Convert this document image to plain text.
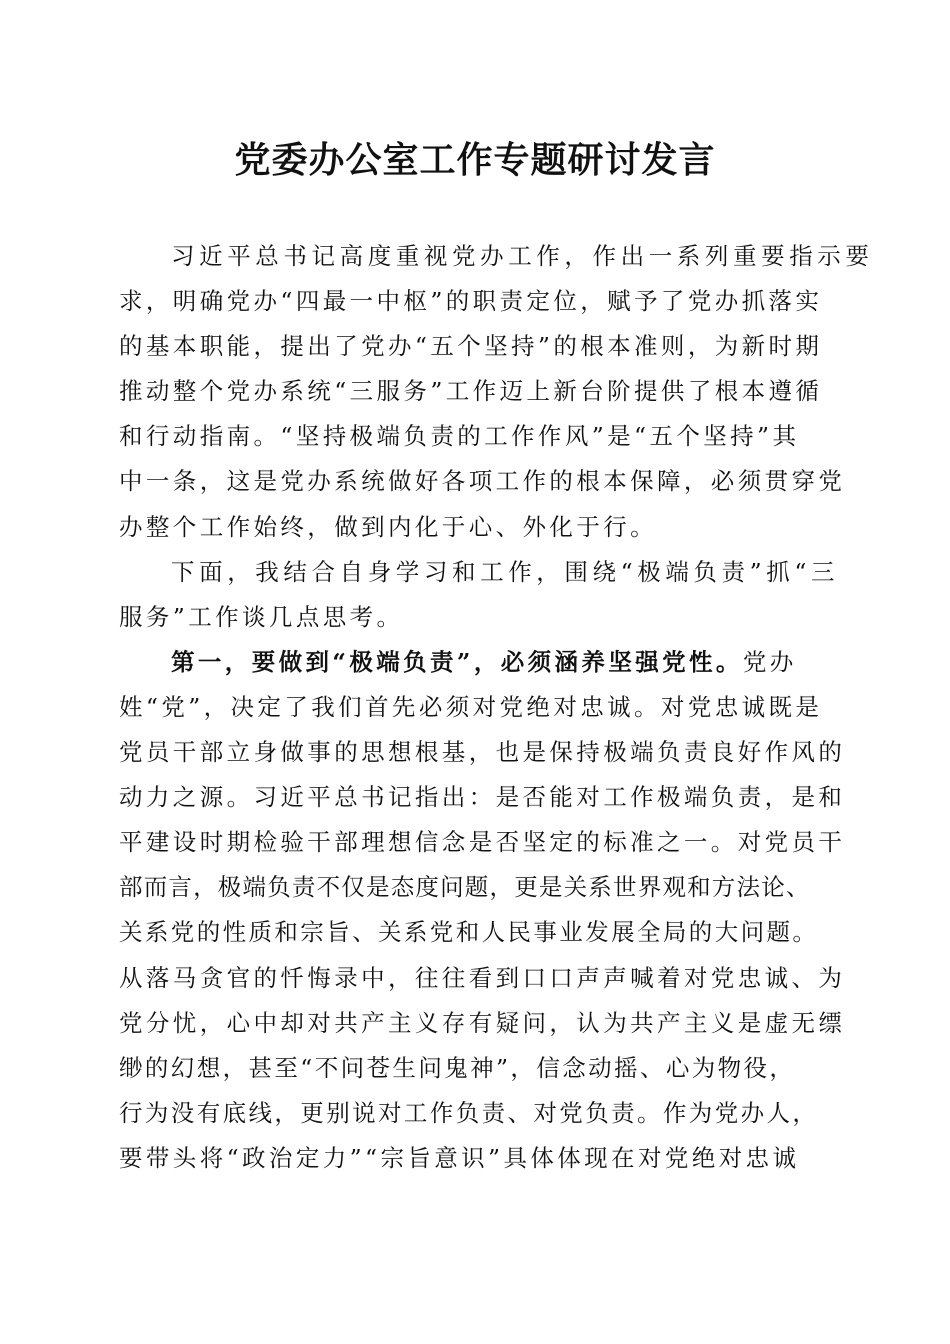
党委办公室工作专题研讨发言
习近平总书记高度重视党办工作，作出一系列重要指示要
求，明确党办“四最一中枢”的职责定位，赋予了党办抓落实
的基本职能，提出了党办“五个坚持”的根本准则，为新时期
推动整个党办系统“三服务”工作迈上新台阶提供了根本遵循
和行动指南。“坚持极端负责的工作作风”是“五个坚持”其
中一条，这是党办系统做好各项工作的根本保障，必须贯穿党
办整个工作始终，做到内化于心、外化于行。
下面，我结合自身学习和工作，围绕“极端负责”抓“三
服务”工作谈几点思考。
第一，要做到“极端负责”，必须涵养坚强党性。党办
姓“党”，决定了我们首先必须对党绝对忠诚。对党忠诚既是
党员干部立身做事的思想根基，也是保持极端负责良好作风的
动力之源。习近平总书记指出：是否能对工作极端负责，是和
平建设时期检验干部理想信念是否坚定的标准之一。对党员干
部而言，极端负责不仅是态度问题，更是关系世界观和方法论、
关系党的性质和宗旨、关系党和人民事业发展全局的大问题。
从落马贪官的忏悔录中，往往看到口口声声喊着对党忠诚、为
党分忧，心中却对共产主义存有疑问，认为共产主义是虚无缥
缈的幻想，甚至“不问苍生问鬼神”，信念动摇、心为物役，
行为没有底线，更别说对工作负责、对党负责。作为党办人，
要带头将“政治定力”“宗旨意识”具体体现在对党绝对忠诚
